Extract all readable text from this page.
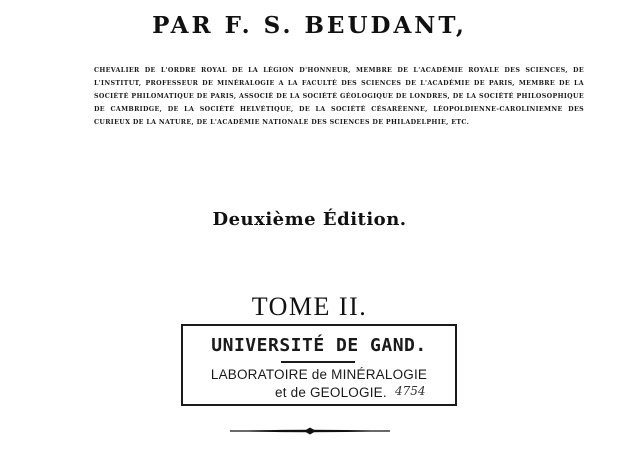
PAR F. S. BEUDANT,
CHEVALIER DE L'ORDRE ROYAL DE LA LÉGION D'HONNEUR, MEMBRE DE L'ACADÉMIE ROYALE DES SCIENCES, DE L'INSTITUT, PROFESSEUR DE MINÉRALOGIE A LA FACULTÉ DES SCIENCES DE L'ACADÉMIE DE PARIS, MEMBRE DE LA SOCIÉTÉ PHILOMATIQUE DE PARIS, ASSOCIÉ DE LA SOCIÉTÉ GÉOLOGIQUE DE LONDRES, DE LA SOCIÉTÉ PHILOSOPHIQUE DE CAMBRIDGE, DE LA SOCIÉTÉ HELVÉTIQUE, DE LA SOCIÉTÉ CÉSARÉENNE, LÉOPOLDIENNE-CAROLINIEMNE DES CURIEUX DE LA NATURE, DE L'ACADÉMIE NATIONALE DES SCIENCES DE PHILADELPHIE, ETC.
Deuxième Édition.
TOME II.
UNIVERSITÉ DE GAND.
LABORATOIRE de MINÉRALOGIE
et de GEOLOGIE. 4754
